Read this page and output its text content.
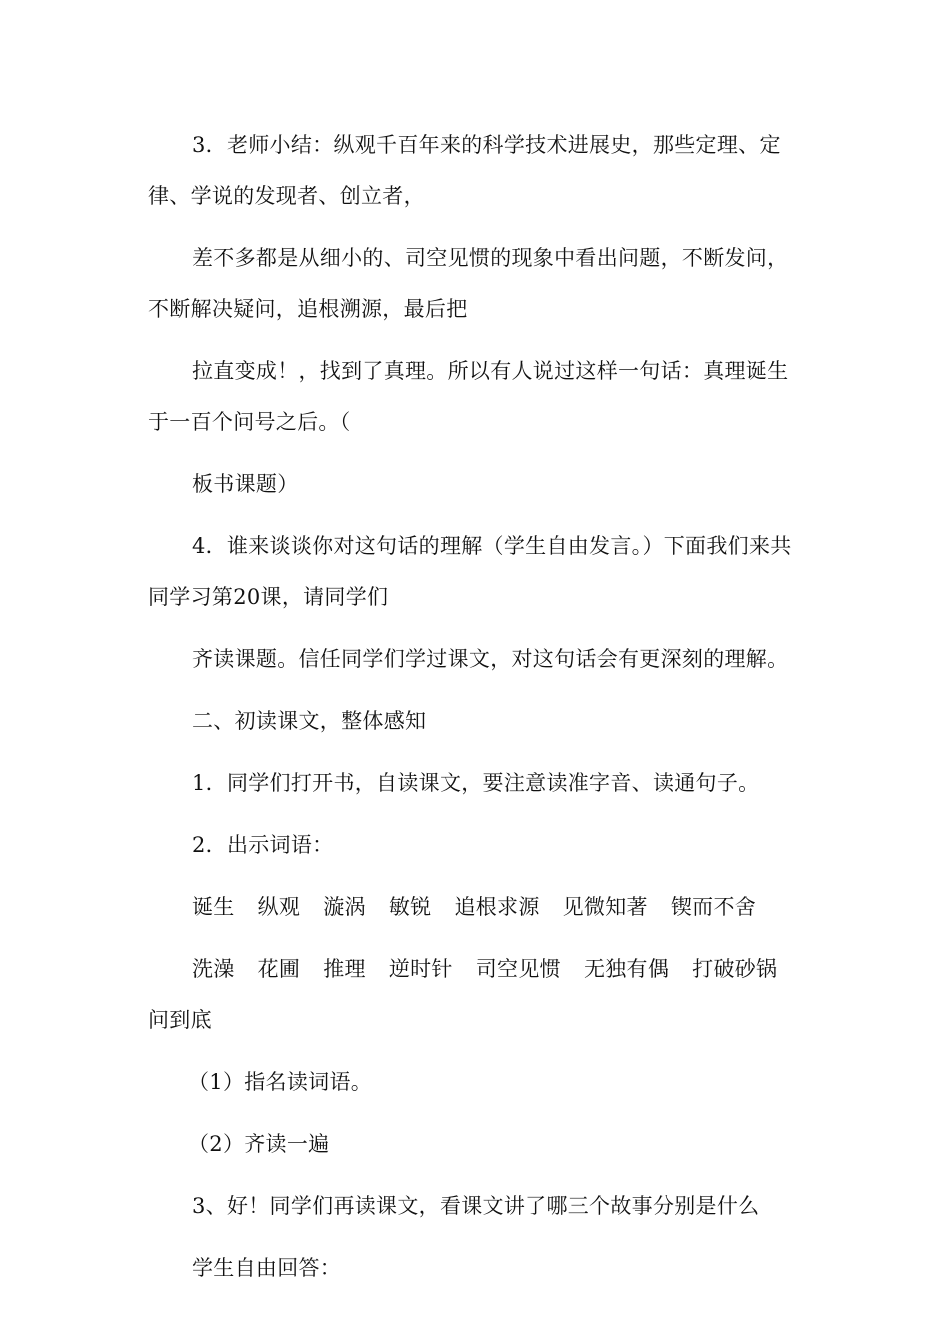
3．老师小结：纵观千百年来的科学技术进展史，那些定理、定律、学说的发现者、创立者，

差不多都是从细小的、司空见惯的现象中看出问题，不断发问，不断解决疑问，追根溯源，最后把

拉直变成！，找到了真理。所以有人说过这样一句话：真理诞生于一百个问号之后。（

板书课题）

4．谁来谈谈你对这句话的理解（学生自由发言。）下面我们来共同学习第20课，请同学们

齐读课题。信任同学们学过课文，对这句话会有更深刻的理解。

二、初读课文，整体感知

1．同学们打开书，自读课文，要注意读准字音、读通句子。

2．出示词语：

诞生 纵观 漩涡 敏锐 追根求源 见微知著 锲而不舍
洗澡 花圃 推理 逆时针 司空见惯 无独有偶 打破砂锅
问到底

（1）指名读词语。

（2）齐读一遍

3、好！同学们再读课文，看课文讲了哪三个故事分别是什么

学生自由回答：
